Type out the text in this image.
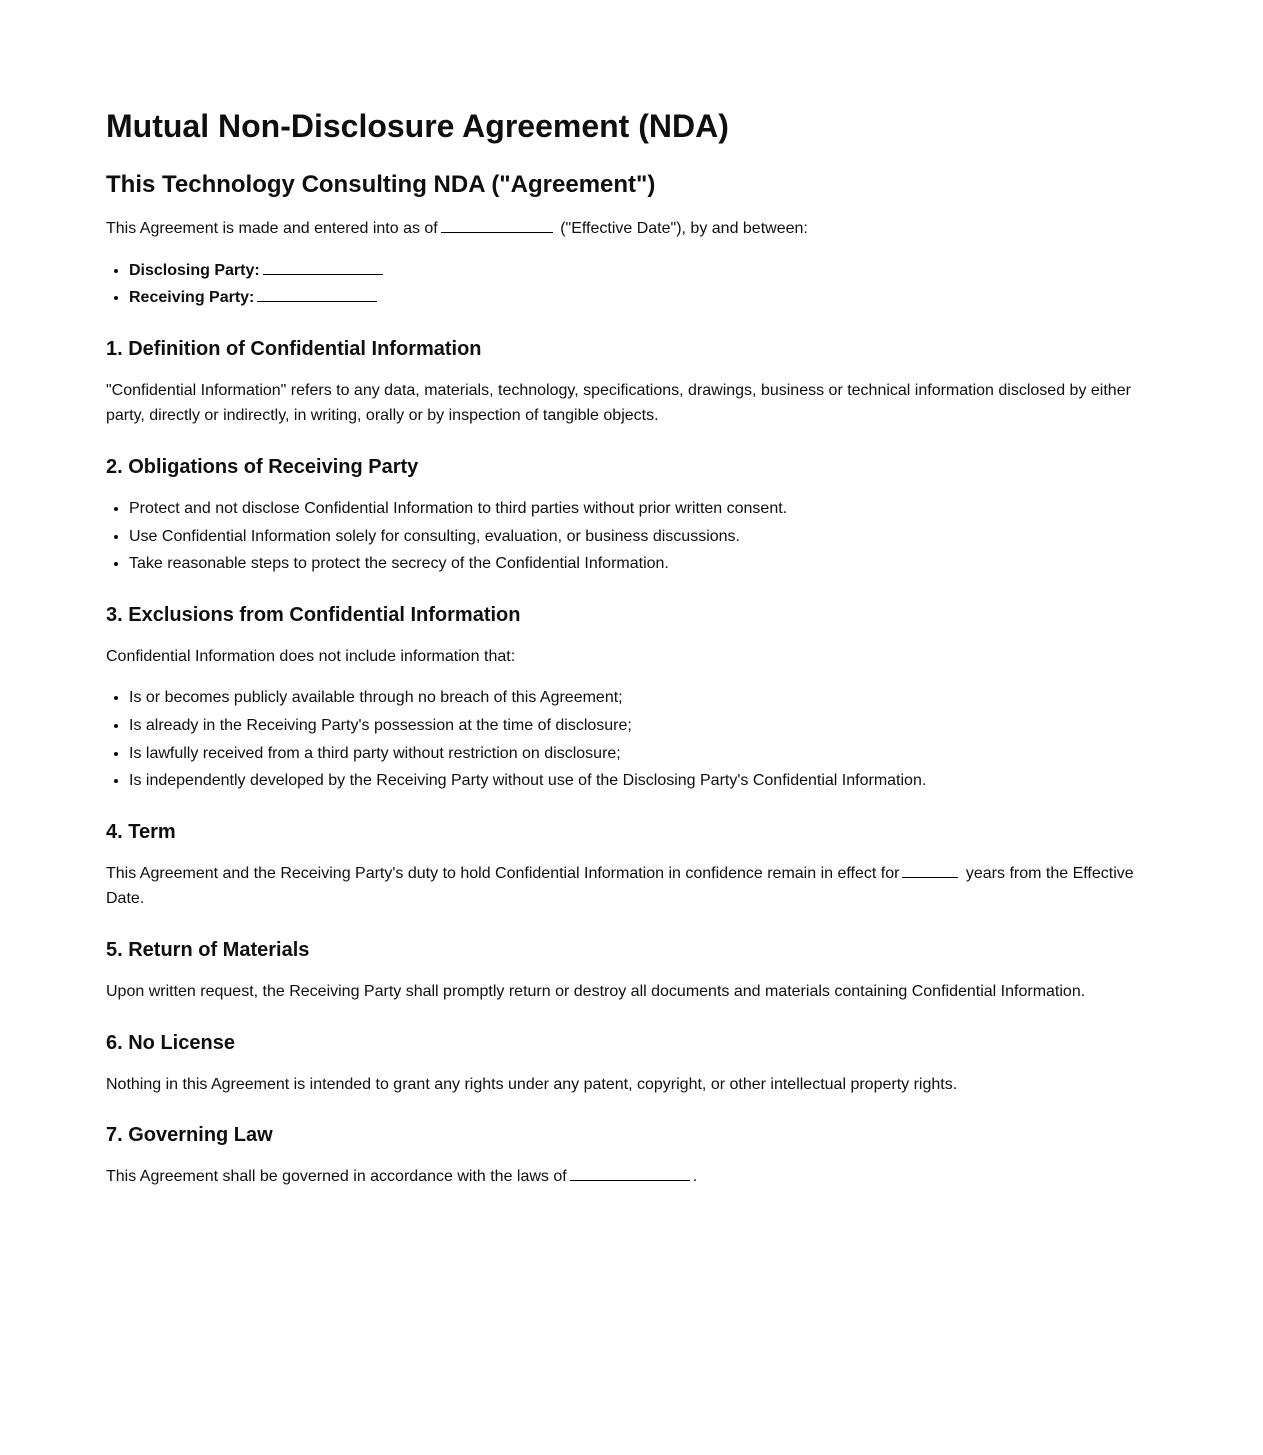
Mutual Non-Disclosure Agreement (NDA)
This Technology Consulting NDA ("Agreement")

This Agreement is made and entered into as of	("Effective Date"), by and between:

• Disclosing Party:
• Receiving Party:
1. Definition of Confidential Information

"Confidential Information" refers to any data, materials, technology, specifications, drawings, business or technical information disclosed by either party, directly or indirectly, in writing, orally or by inspection of tangible objects.

2. Obligations of Receiving Party
• Protect and not disclose Confidential Information to third parties without prior written consent.
• Use Confidential Information solely for consulting, evaluation, or business discussions.
• Take reasonable steps to protect the secrecy of the Confidential Information.
3. Exclusions from Confidential Information

Confidential Information does not include information that:

• Is or becomes publicly available through no breach of this Agreement;
• Is already in the Receiving Party's possession at the time of disclosure;
• Is lawfully received from a third party without restriction on disclosure;
• Is independently developed by the Receiving Party without use of the Disclosing Party's Confidential Information.
4. Term

This Agreement and the Receiving Party's duty to hold Confidential Information in confidence remain in effect for	years from the Effective Date.

5. Return of Materials

Upon written request, the Receiving Party shall promptly return or destroy all documents and materials containing Confidential Information.

6. No License

Nothing in this Agreement is intended to grant any rights under any patent, copyright, or other intellectual property rights.

7. Governing Law

This Agreement shall be governed in accordance with the laws of	.
